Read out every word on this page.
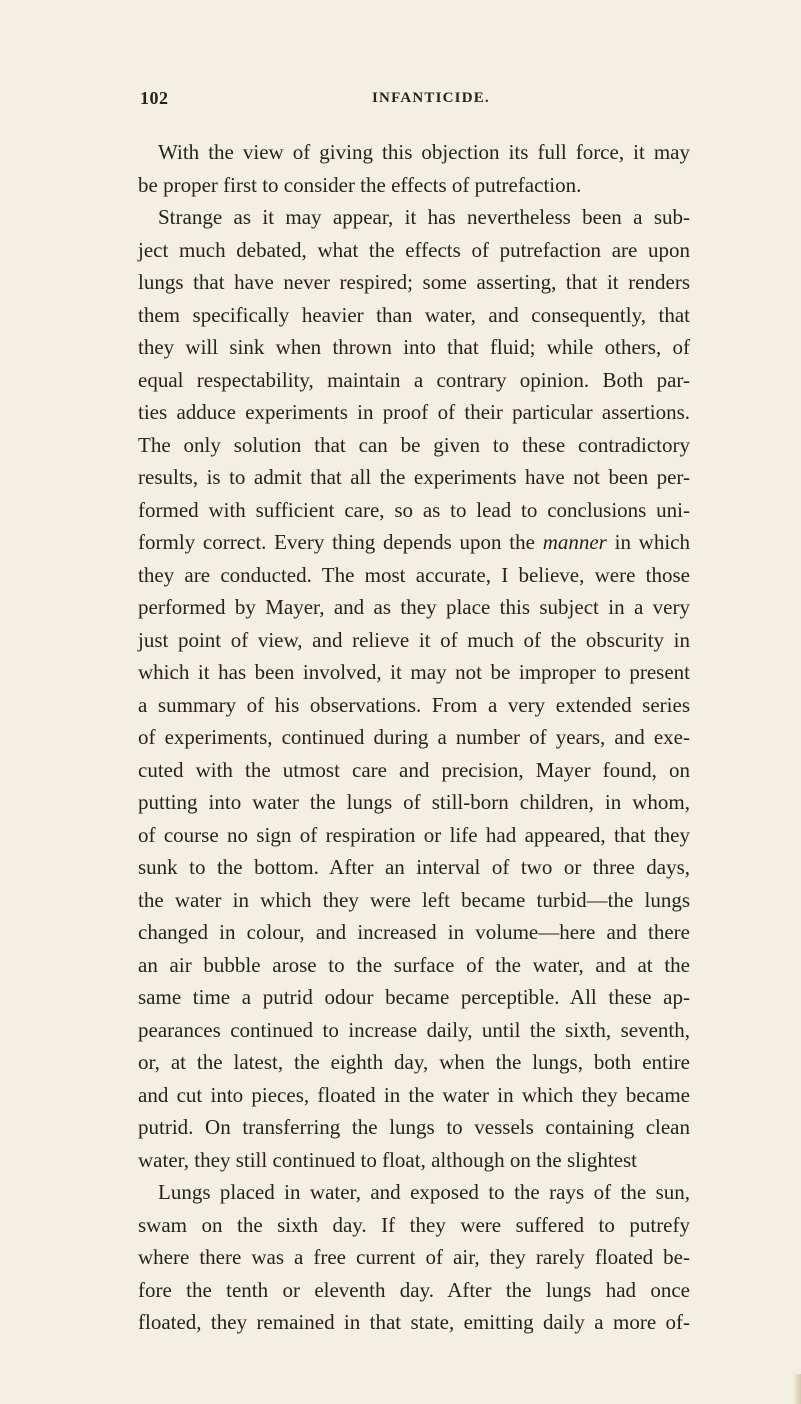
102	INFANTICIDE.
With the view of giving this objection its full force, it may
be proper first to consider the effects of putrefaction.
Strange as it may appear, it has nevertheless been a sub-
ject much debated, what the effects of putrefaction are upon
lungs that have never respired; some asserting, that it renders
them specifically heavier than water, and consequently, that
they will sink when thrown into that fluid; while others, of
equal respectability, maintain a contrary opinion. Both par-
ties adduce experiments in proof of their particular assertions.
The only solution that can be given to these contradictory
results, is to admit that all the experiments have not been per-
formed with sufficient care, so as to lead to conclusions uni-
formly correct. Every thing depends upon the manner in which
they are conducted. The most accurate, I believe, were those
performed by Mayer, and as they place this subject in a very
just point of view, and relieve it of much of the obscurity in
which it has been involved, it may not be improper to present
a summary of his observations. From a very extended series
of experiments, continued during a number of years, and exe-
cuted with the utmost care and precision, Mayer found, on
putting into water the lungs of still-born children, in whom,
of course no sign of respiration or life had appeared, that they
sunk to the bottom. After an interval of two or three days,
the water in which they were left became turbid—the lungs
changed in colour, and increased in volume—here and there
an air bubble arose to the surface of the water, and at the
same time a putrid odour became perceptible. All these ap-
pearances continued to increase daily, until the sixth, seventh,
or, at the latest, the eighth day, when the lungs, both entire
and cut into pieces, floated in the water in which they became
putrid. On transferring the lungs to vessels containing clean
water, they still continued to float, although on the slightest
Lungs placed in water, and exposed to the rays of the sun,
swam on the sixth day. If they were suffered to putrefy
where there was a free current of air, they rarely floated be-
fore the tenth or eleventh day. After the lungs had once
floated, they remained in that state, emitting daily a more of-
